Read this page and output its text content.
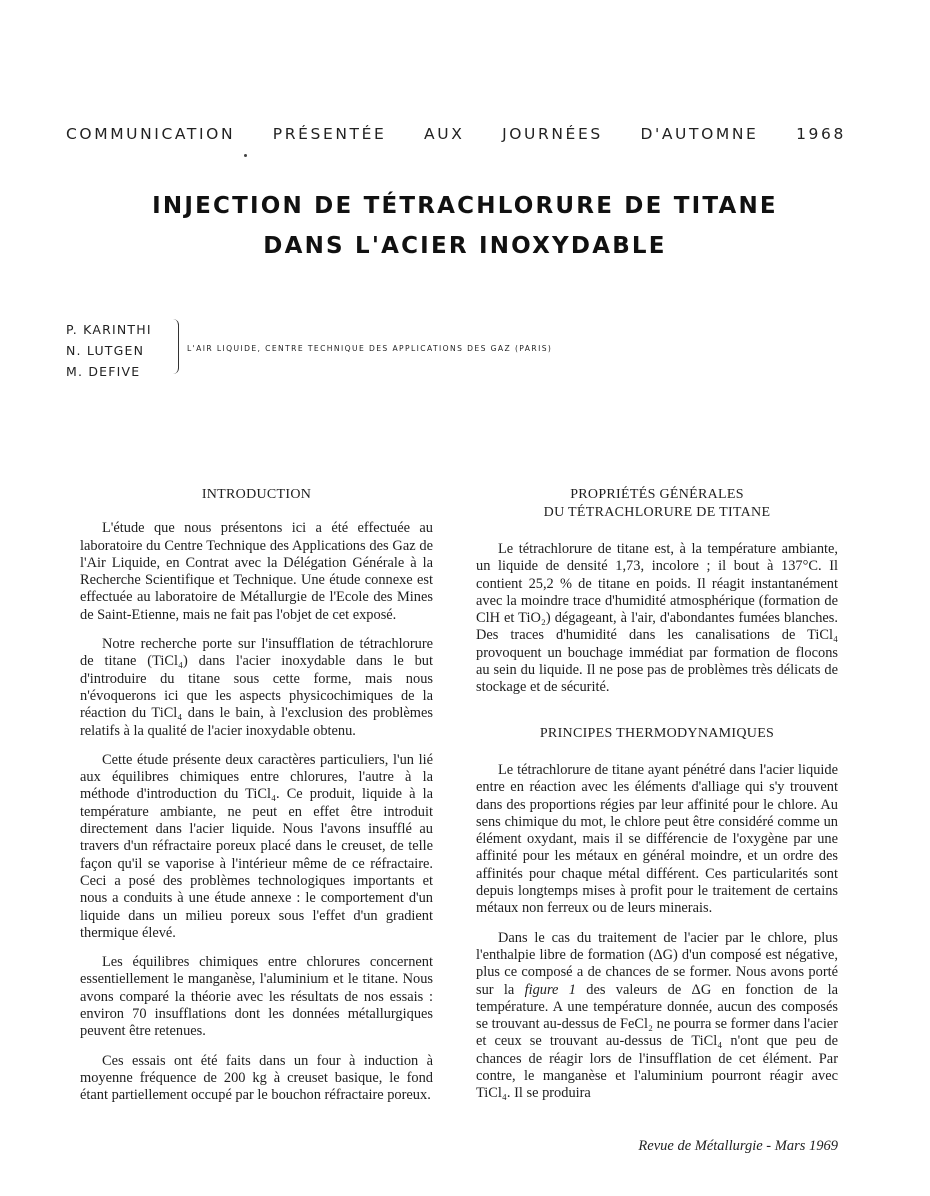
COMMUNICATION PRÉSENTÉE AUX JOURNÉES D'AUTOMNE 1968
INJECTION DE TÉTRACHLORURE DE TITANE
DANS L'ACIER INOXYDABLE
P. KARINTHI
N. LUTGEN
M. DEFIVE
L'AIR LIQUIDE, CENTRE TECHNIQUE DES APPLICATIONS DES GAZ (PARIS)
INTRODUCTION

L'étude que nous présentons ici a été effectuée au laboratoire du Centre Technique des Applications des Gaz de l'Air Liquide, en Contrat avec la Délégation Générale à la Recherche Scientifique et Technique. Une étude connexe est effectuée au laboratoire de Métallurgie de l'Ecole des Mines de Saint-Etienne, mais ne fait pas l'objet de cet exposé.

Notre recherche porte sur l'insufflation de tétrachlorure de titane (TiCl₄) dans l'acier inoxydable dans le but d'introduire du titane sous cette forme, mais nous n'évoquerons ici que les aspects physicochimiques de la réaction du TiCl₄ dans le bain, à l'exclusion des problèmes relatifs à la qualité de l'acier inoxydable obtenu.

Cette étude présente deux caractères particuliers, l'un lié aux équilibres chimiques entre chlorures, l'autre à la méthode d'introduction du TiCl₄. Ce produit, liquide à la température ambiante, ne peut en effet être introduit directement dans l'acier liquide. Nous l'avons insufflé au travers d'un réfractaire poreux placé dans le creuset, de telle façon qu'il se vaporise à l'intérieur même de ce réfractaire. Ceci a posé des problèmes technologiques importants et nous a conduits à une étude annexe : le comportement d'un liquide dans un milieu poreux sous l'effet d'un gradient thermique élevé.

Les équilibres chimiques entre chlorures concernent essentiellement le manganèse, l'aluminium et le titane. Nous avons comparé la théorie avec les résultats de nos essais : environ 70 insufflations dont les données métallurgiques peuvent être retenues.

Ces essais ont été faits dans un four à induction à moyenne fréquence de 200 kg à creuset basique, le fond étant partiellement occupé par le bouchon réfractaire poreux.

PROPRIÉTÉS GÉNÉRALES
DU TÉTRACHLORURE DE TITANE

Le tétrachlorure de titane est, à la température ambiante, un liquide de densité 1,73, incolore ; il bout à 137°C. Il contient 25,2 % de titane en poids. Il réagit instantanément avec la moindre trace d'humidité atmosphérique (formation de ClH et TiO₂) dégageant, à l'air, d'abondantes fumées blanches. Des traces d'humidité dans les canalisations de TiCl₄ provoquent un bouchage immédiat par formation de flocons au sein du liquide. Il ne pose pas de problèmes très délicats de stockage et de sécurité.

PRINCIPES THERMODYNAMIQUES

Le tétrachlorure de titane ayant pénétré dans l'acier liquide entre en réaction avec les éléments d'alliage qui s'y trouvent dans des proportions régies par leur affinité pour le chlore. Au sens chimique du mot, le chlore peut être considéré comme un élément oxydant, mais il se différencie de l'oxygène par une affinité pour les métaux en général moindre, et un ordre des affinités pour chaque métal différent. Ces particularités sont depuis longtemps mises à profit pour le traitement de certains métaux non ferreux ou de leurs minerais.

Dans le cas du traitement de l'acier par le chlore, plus l'enthalpie libre de formation (ΔG) d'un composé est négative, plus ce composé a de chances de se former. Nous avons porté sur la figure 1 des valeurs de ΔG en fonction de la température. A une température donnée, aucun des composés se trouvant au-dessus de FeCl₂ ne pourra se former dans l'acier et ceux se trouvant au-dessus de TiCl₄ n'ont que peu de chances de réagir lors de l'insufflation de cet élément. Par contre, le manganèse et l'aluminium pourront réagir avec TiCl₄. Il se produira

Revue de Métallurgie - Mars 1969
